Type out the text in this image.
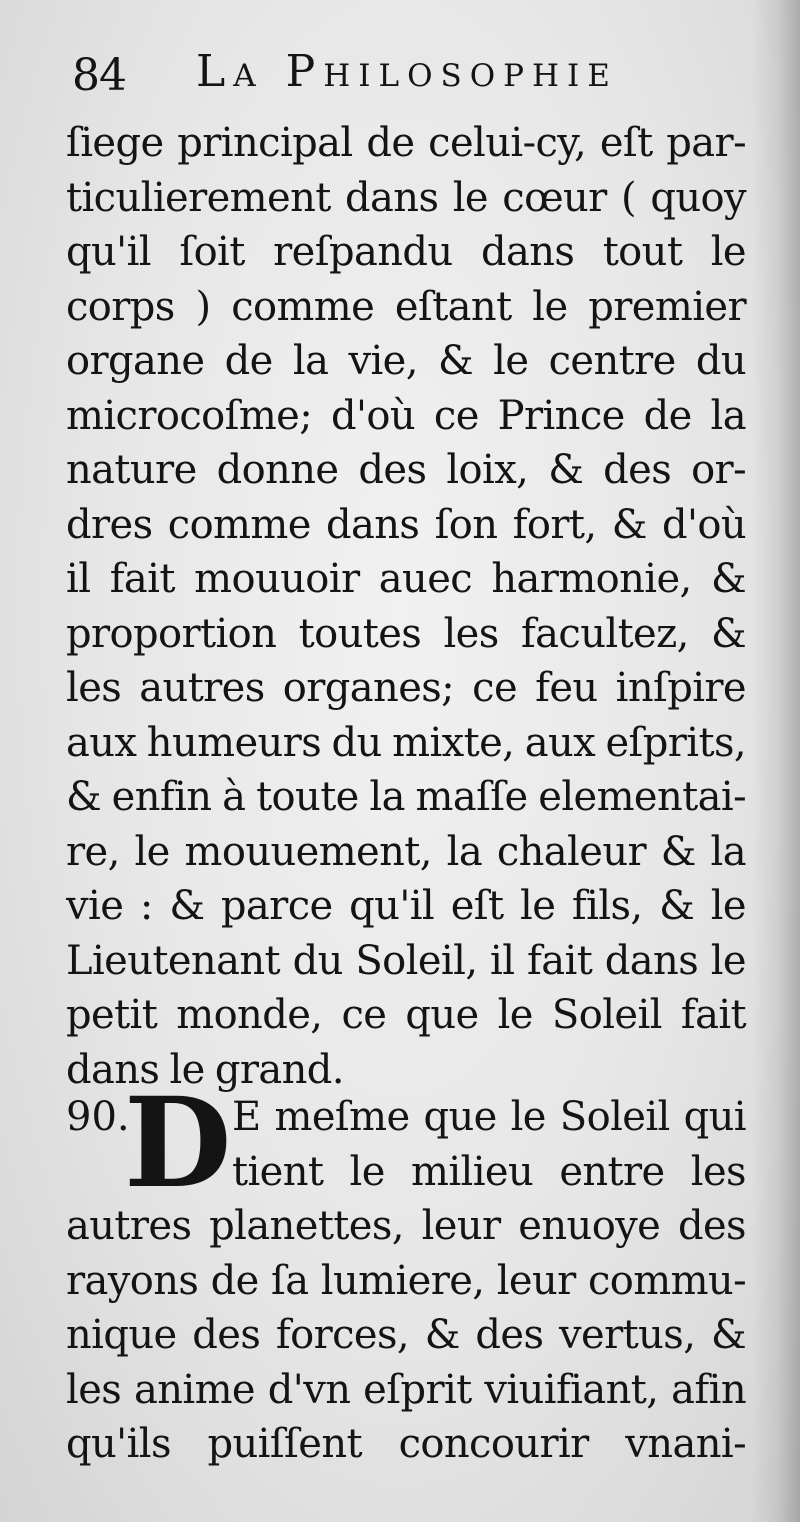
84 La Philosophie
ſiege principal de celui-cy, eſt par-
ticulierement dans le cœur ( quoy
qu'il ſoit reſpandu dans tout le
corps ) comme eſtant le premier
organe de la vie, & le centre du
microcoſme; d'où ce Prince de la
nature donne des loix, & des or-
dres comme dans ſon fort, & d'où
il fait mouuoir auec harmonie, &
proportion toutes les facultez, &
les autres organes; ce feu inſpire
aux humeurs du mixte, aux eſprits,
& enfin à toute la maſſe elementai-
re, le mouuement, la chaleur & la
vie : & parce qu'il eſt le fils, & le
Lieutenant du Soleil, il fait dans le
petit monde, ce que le Soleil fait
dans le grand.
90.
D E meſme que le Soleil qui
tient le milieu entre les
autres planettes, leur enuoye des
rayons de ſa lumiere, leur commu-
nique des forces, & des vertus, &
les anime d'vn eſprit viuifiant, afin
qu'ils puiſſent concourir vnani-
